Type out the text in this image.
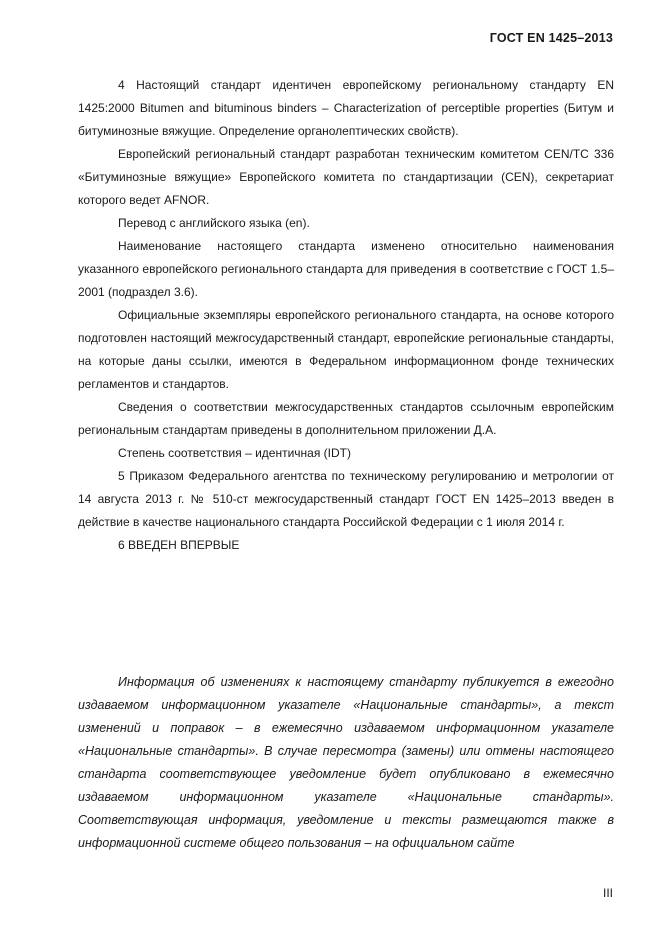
ГОСТ EN 1425–2013

4 Настоящий стандарт идентичен европейскому региональному стандарту EN 1425:2000 Bitumen and bituminous binders – Characterization of perceptible properties (Битум и битуминозные вяжущие. Определение органолептических свойств).

Европейский региональный стандарт разработан техническим комитетом CEN/TC 336 «Битуминозные вяжущие» Европейского комитета по стандартизации (CEN), секретариат которого ведет AFNOR.

Перевод с английского языка (en).

Наименование настоящего стандарта изменено относительно наименования указанного европейского регионального стандарта для приведения в соответствие с ГОСТ 1.5–2001 (подраздел 3.6).

Официальные экземпляры европейского регионального стандарта, на основе которого подготовлен настоящий межгосударственный стандарт, европейские региональные стандарты, на которые даны ссылки, имеются в Федеральном информационном фонде технических регламентов и стандартов.

Сведения о соответствии межгосударственных стандартов ссылочным европейским региональным стандартам приведены в дополнительном приложении Д.А.

Степень соответствия – идентичная (IDT)

5 Приказом Федерального агентства по техническому регулированию и метрологии от 14 августа 2013 г. № 510-ст межгосударственный стандарт ГОСТ EN 1425–2013 введен в действие в качестве национального стандарта Российской Федерации с 1 июля 2014 г.

6 ВВЕДЕН ВПЕРВЫЕ

Информация об изменениях к настоящему стандарту публикуется в ежегодно издаваемом информационном указателе «Национальные стандарты», а текст изменений и поправок – в ежемесячно издаваемом информационном указателе «Национальные стандарты». В случае пересмотра (замены) или отмены настоящего стандарта соответствующее уведомление будет опубликовано в ежемесячно издаваемом информационном указателе «Национальные стандарты». Соответствующая информация, уведомление и тексты размещаются также в информационной системе общего пользования – на официальном сайте

III
